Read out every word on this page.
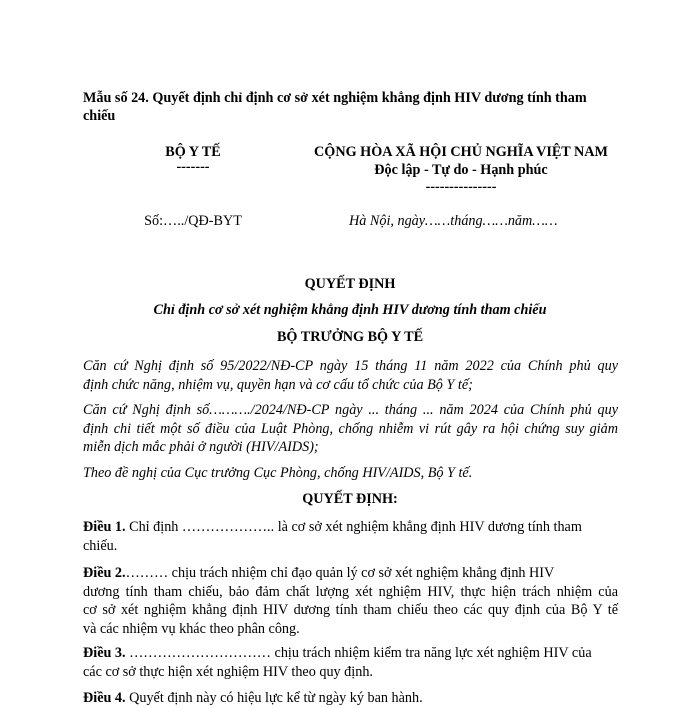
Mẫu số 24. Quyết định chỉ định cơ sở xét nghiệm khẳng định HIV dương tính tham
chiếu
BỘ Y TẾ
-------
CỘNG HÒA XÃ HỘI CHỦ NGHĨA VIỆT NAM
Độc lập - Tự do - Hạnh phúc
---------------
Số:…../QĐ-BYT	Hà Nội, ngày……tháng……năm……
QUYẾT ĐỊNH
Chỉ định cơ sở xét nghiệm khẳng định HIV dương tính tham chiếu
BỘ TRƯỞNG BỘ Y TẾ
Căn cứ Nghị định số 95/2022/NĐ-CP ngày 15 tháng 11 năm 2022 của Chính phủ quy
định chức năng, nhiệm vụ, quyền hạn và cơ cấu tổ chức của Bộ Y tế;
Căn cứ Nghị định số………./2024/NĐ-CP ngày ... tháng ... năm 2024 của Chính phủ quy
định chi tiết một số điều của Luật Phòng, chống nhiễm vi rút gây ra hội chứng suy giảm
miễn dịch mắc phải ở người (HIV/AIDS);
Theo đề nghị của Cục trưởng Cục Phòng, chống HIV/AIDS, Bộ Y tế.
QUYẾT ĐỊNH:
Điều 1. Chỉ định ……………….. là cơ sở xét nghiệm khẳng định HIV dương tính tham
chiếu.
Điều 2.……… chịu trách nhiệm chỉ đạo quản lý cơ sở xét nghiệm khẳng định HIV
dương tính tham chiếu, bảo đảm chất lượng xét nghiệm HIV, thực hiện trách nhiệm của
cơ sở xét nghiệm khẳng định HIV dương tính tham chiếu theo các quy định của Bộ Y tế
và các nhiệm vụ khác theo phân công.
Điều 3. ………………………… chịu trách nhiệm kiểm tra năng lực xét nghiệm HIV của
các cơ sở thực hiện xét nghiệm HIV theo quy định.
Điều 4. Quyết định này có hiệu lực kể từ ngày ký ban hành.
